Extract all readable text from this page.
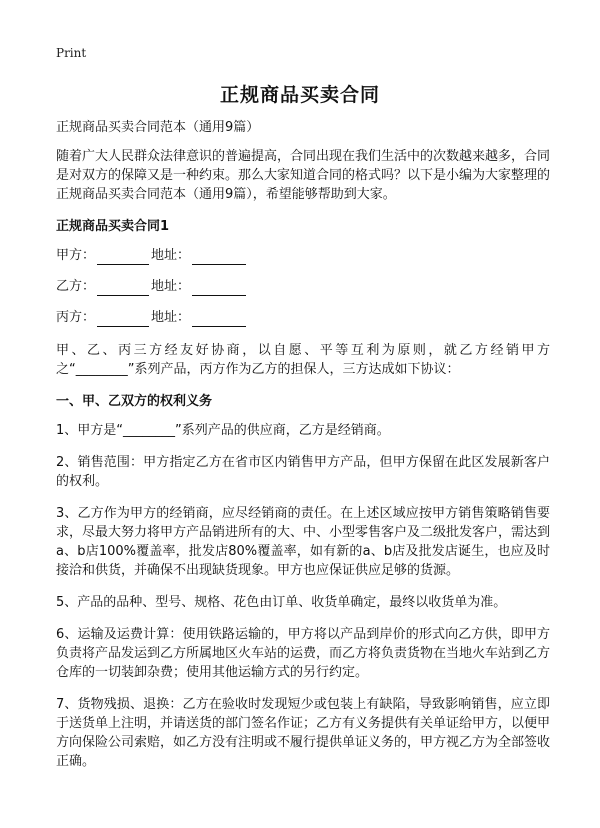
Print
正规商品买卖合同

正规商品买卖合同范本（通用9篇）

随着广大人民群众法律意识的普遍提高，合同出现在我们生活中的次数越来越多，合同是对双方的保障又是一种约束。那么大家知道合同的格式吗？以下是小编为大家整理的正规商品买卖合同范本（通用9篇），希望能够帮助到大家。

正规商品买卖合同1

甲方：	地址：
乙方：	地址：
丙方：	地址：

甲、乙、丙三方经友好协商，以自愿、平等互利为原则，就乙方经销甲方之“________”系列产品，丙方作为乙方的担保人，三方达成如下协议：

一、甲、乙双方的权利义务

1、甲方是“________”系列产品的供应商，乙方是经销商。

2、销售范围：甲方指定乙方在省市区内销售甲方产品，但甲方保留在此区发展新客户的权利。

3、乙方作为甲方的经销商，应尽经销商的责任。在上述区域应按甲方销售策略销售要求，尽最大努力将甲方产品销进所有的大、中、小型零售客户及二级批发客户，需达到a、b店100%覆盖率，批发店80%覆盖率，如有新的a、b店及批发店诞生，也应及时接洽和供货，并确保不出现缺货现象。甲方也应保证供应足够的货源。

5、产品的品种、型号、规格、花色由订单、收货单确定，最终以收货单为准。

6、运输及运费计算：使用铁路运输的，甲方将以产品到岸价的形式向乙方供，即甲方负责将产品发运到乙方所属地区火车站的运费，而乙方将负责货物在当地火车站到乙方仓库的一切装卸杂费；使用其他运输方式的另行约定。

7、货物残损、退换：乙方在验收时发现短少或包装上有缺陷，导致影响销售，应立即于送货单上注明，并请送货的部门签名作证；乙方有义务提供有关单证给甲方，以便甲方向保险公司索赔，如乙方没有注明或不履行提供单证义务的，甲方视乙方为全部签收正确。
